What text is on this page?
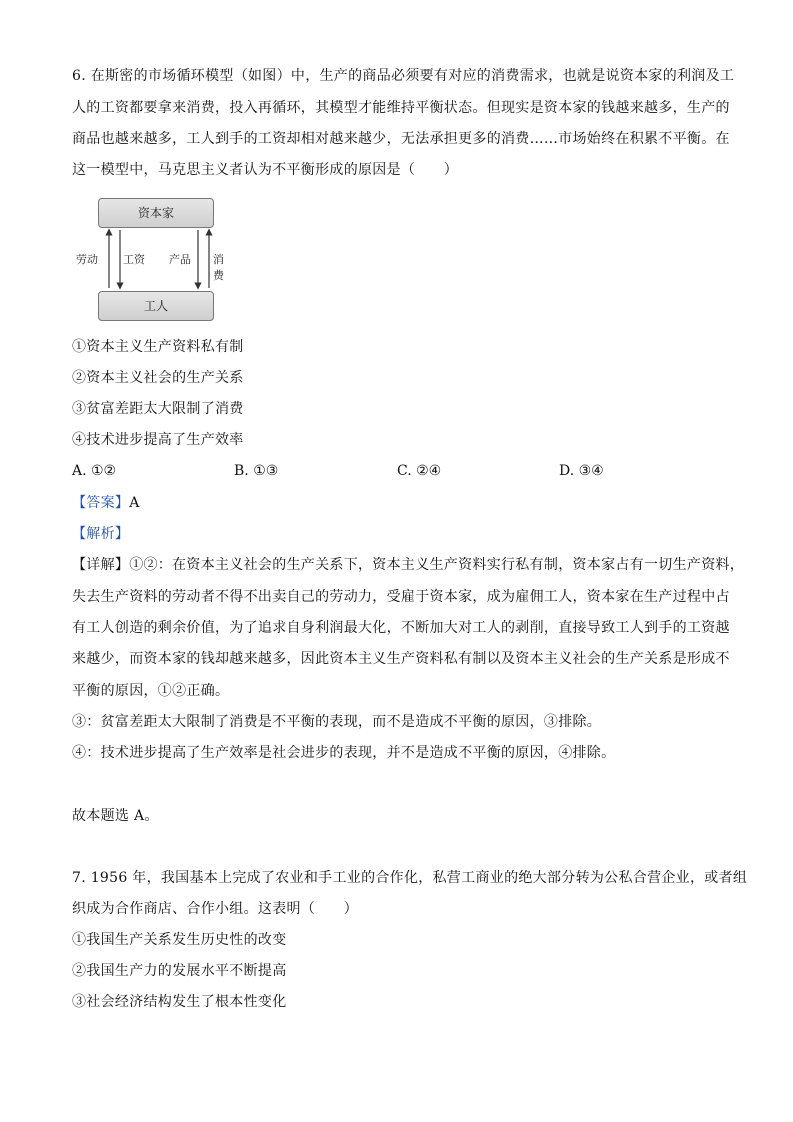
6. 在斯密的市场循环模型（如图）中，生产的商品必须要有对应的消费需求，也就是说资本家的利润及工
人的工资都要拿来消费，投入再循环，其模型才能维持平衡状态。但现实是资本家的钱越来越多，生产的
商品也越来越多，工人到手的工资却相对越来越少，无法承担更多的消费……市场始终在积累不平衡。在
这一模型中，马克思主义者认为不平衡形成的原因是（　　）
资本家
工人
劳动 工资 产品 消费
①资本主义生产资料私有制
②资本主义社会的生产关系
③贫富差距太大限制了消费
④技术进步提高了生产效率
A. ①②	B. ①③	C. ②④	D. ③④
【答案】A
【解析】
【详解】①②：在资本主义社会的生产关系下，资本主义生产资料实行私有制，资本家占有一切生产资料，
失去生产资料的劳动者不得不出卖自己的劳动力，受雇于资本家，成为雇佣工人，资本家在生产过程中占
有工人创造的剩余价值，为了追求自身利润最大化，不断加大对工人的剥削，直接导致工人到手的工资越
来越少，而资本家的钱却越来越多，因此资本主义生产资料私有制以及资本主义社会的生产关系是形成不
平衡的原因，①②正确。
③：贫富差距太大限制了消费是不平衡的表现，而不是造成不平衡的原因，③排除。
④：技术进步提高了生产效率是社会进步的表现，并不是造成不平衡的原因，④排除。
故本题选 A。
7. 1956 年，我国基本上完成了农业和手工业的合作化，私营工商业的绝大部分转为公私合营企业，或者组
织成为合作商店、合作小组。这表明（　　）
①我国生产关系发生历史性的改变
②我国生产力的发展水平不断提高
③社会经济结构发生了根本性变化
